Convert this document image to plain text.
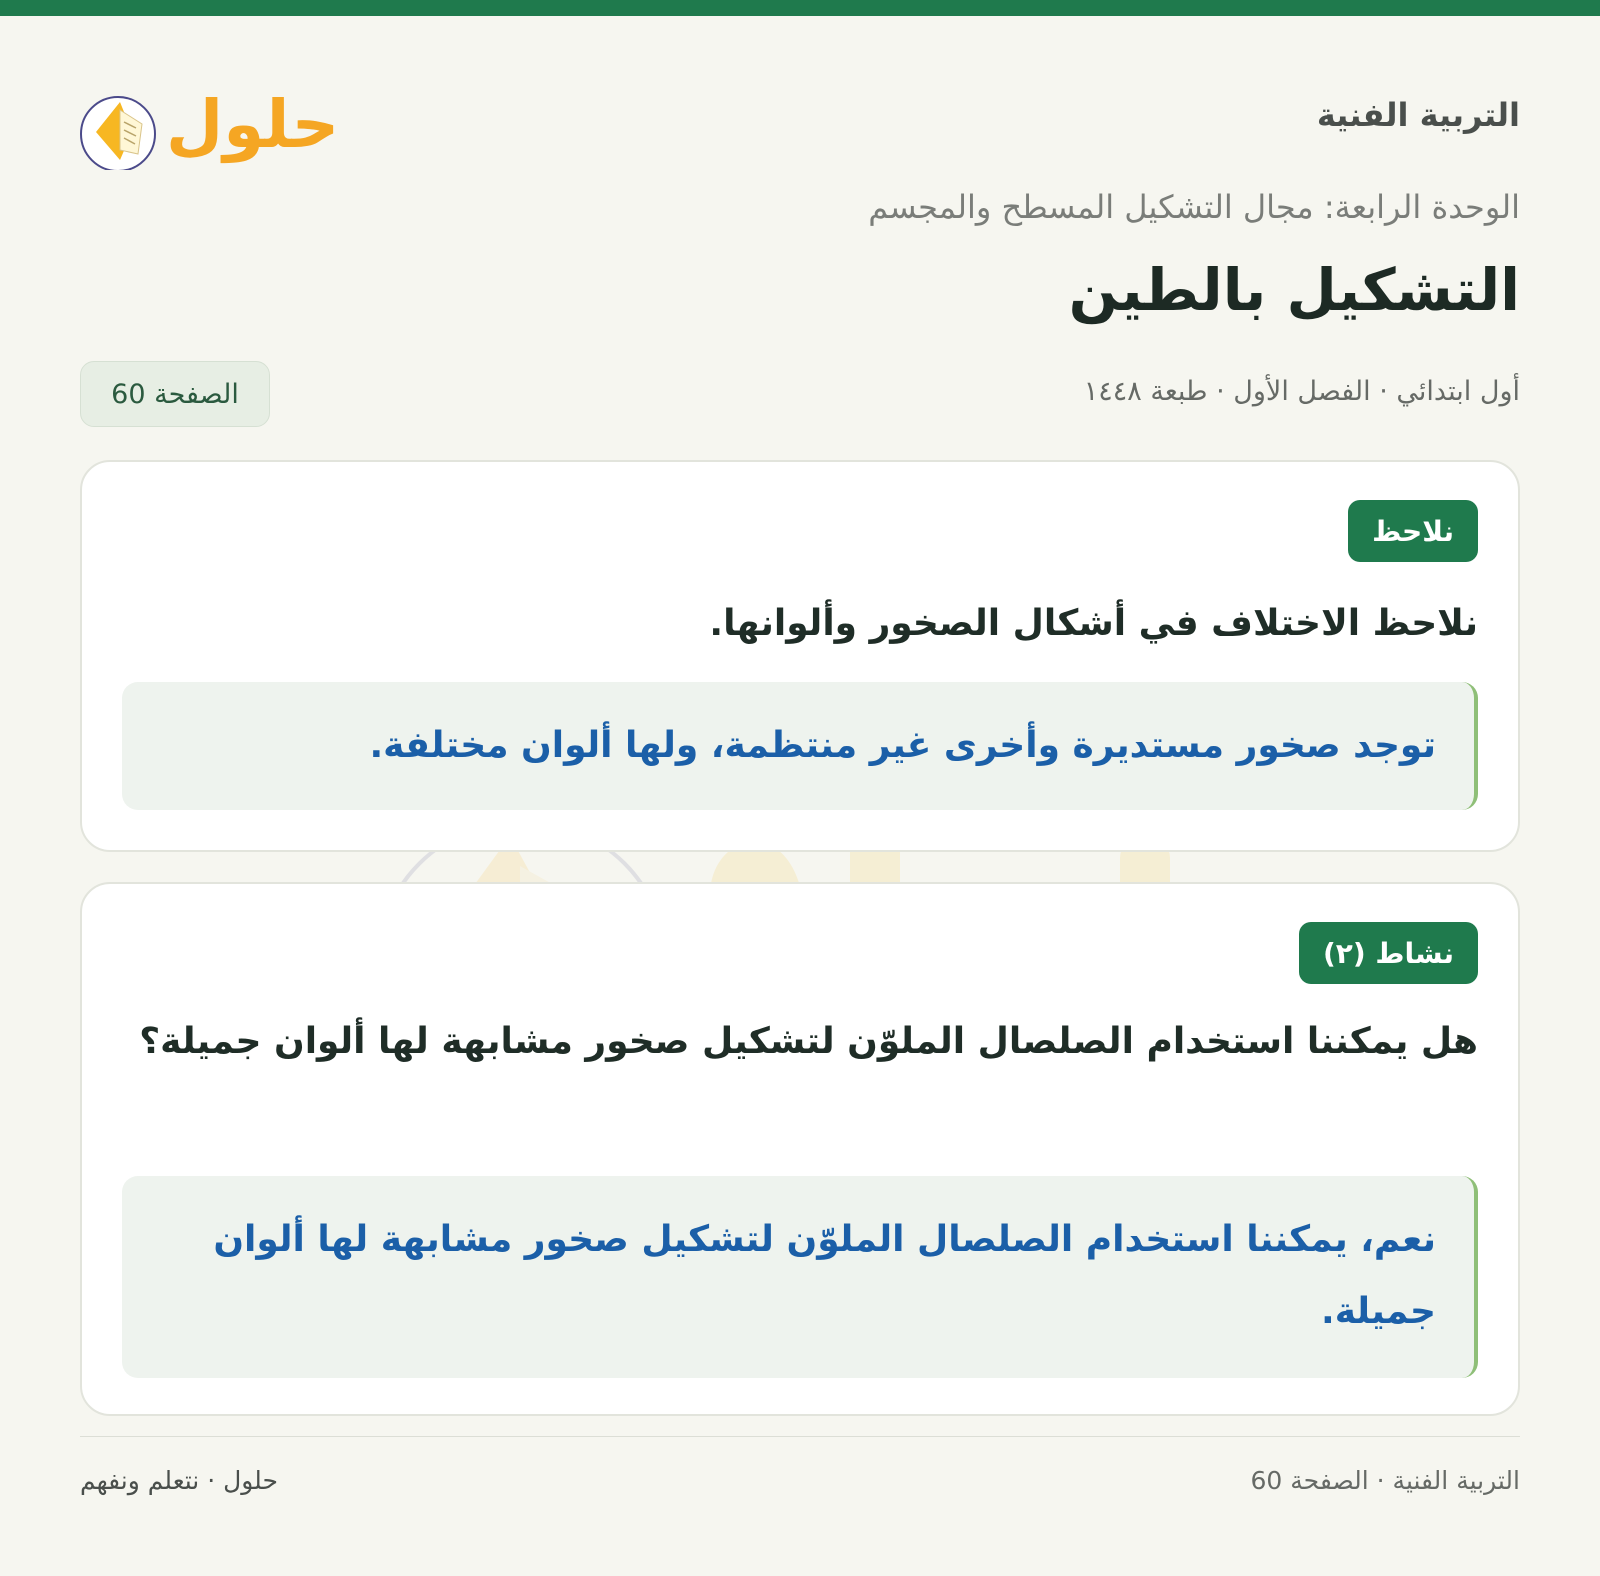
التربية الفنية
الوحدة الرابعة: مجال التشكيل المسطح والمجسم
التشكيل بالطين
أول ابتدائي · الفصل الأول · طبعة ١٤٤٨
الصفحة 60
حلول
نلاحظ
نلاحظ الاختلاف في أشكال الصخور وألوانها.
توجد صخور مستديرة وأخرى غير منتظمة، ولها ألوان مختلفة.
نشاط (٢)
هل يمكننا استخدام الصلصال الملوّن لتشكيل صخور مشابهة لها ألوان جميلة؟
نعم، يمكننا استخدام الصلصال الملوّن لتشكيل صخور مشابهة لها ألوان جميلة.
التربية الفنية · الصفحة 60
حلول · نتعلم ونفهم
